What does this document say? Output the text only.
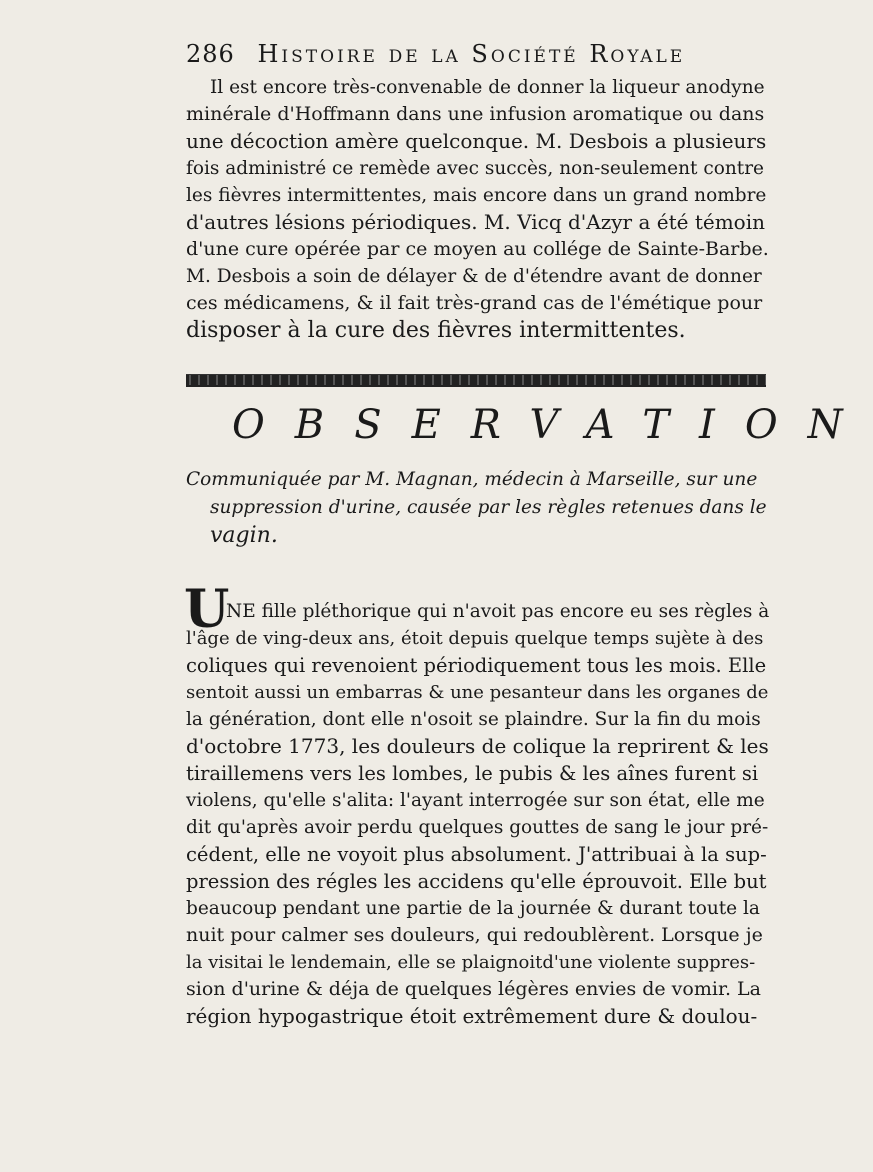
286 Histoire de la Société Royale
Il est encore très-convenable de donner la liqueur anodyne
minérale d'Hoffmann dans une infusion aromatique ou dans
une décoction amère quelconque. M. Desbois a plusieurs
fois administré ce remède avec succès, non-seulement contre
les fièvres intermittentes, mais encore dans un grand nombre
d'autres lésions périodiques. M. Vicq d'Azyr a été témoin
d'une cure opérée par ce moyen au collége de Sainte-Barbe.
M. Desbois a soin de délayer & de d'étendre avant de donner
ces médicamens, & il fait très-grand cas de l'émétique pour
disposer à la cure des fièvres intermittentes.
OBSERVATION
Communiquée par M. Magnan, médecin à Marseille, sur une
suppression d'urine, causée par les règles retenues dans le
vagin.
U
NE fille pléthorique qui n'avoit pas encore eu ses règles à
l'âge de ving-deux ans, étoit depuis quelque temps sujète à des
coliques qui revenoient périodiquement tous les mois. Elle
sentoit aussi un embarras & une pesanteur dans les organes de
la génération, dont elle n'osoit se plaindre. Sur la fin du mois
d'octobre 1773, les douleurs de colique la reprirent & les
tiraillemens vers les lombes, le pubis & les aînes furent si
violens, qu'elle s'alita: l'ayant interrogée sur son état, elle me
dit qu'après avoir perdu quelques gouttes de sang le jour pré-
cédent, elle ne voyoit plus absolument. J'attribuai à la sup-
pression des régles les accidens qu'elle éprouvoit. Elle but
beaucoup pendant une partie de la journée & durant toute la
nuit pour calmer ses douleurs, qui redoublèrent. Lorsque je
la visitai le lendemain, elle se plaignoitd'une violente suppres-
sion d'urine & déja de quelques légères envies de vomir. La
région hypogastrique étoit extrêmement dure & doulou-
